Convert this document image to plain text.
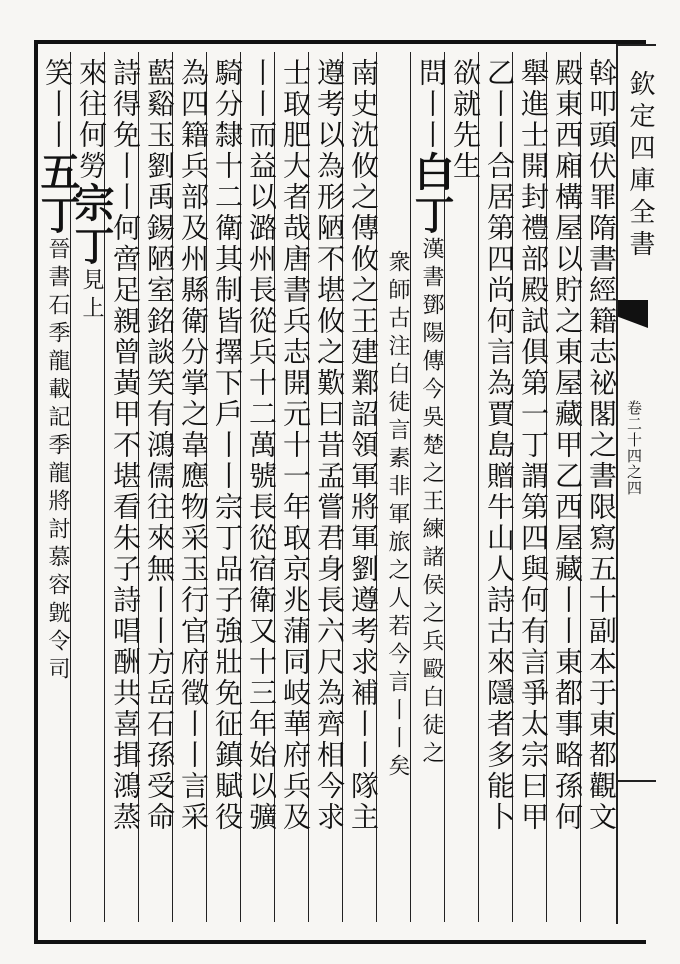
欽定四庫全書
卷二十四之四
斡叩頭伏罪隋書經籍志祕閣之書限寫五十副本于東都觀文
殿東西廂構屋以貯之東屋藏甲乙西屋藏丨丨東都事略孫何
舉進士開封禮部殿試俱第一丁謂第四與何有言爭太宗曰甲
乙丨丨合居第四尚何言為賈島贈牛山人詩古來隱者多能卜
欲就先生
問丨丨白丁漢書鄧陽傳今吳楚之王練諸侯之兵毆白徒之
衆師古注白徒言素非軍旅之人若今言丨丨矣
南史沈攸之傳攸之王建鄴詔領軍將軍劉遵考求補丨丨隊主
遵考以為形陋不堪攸之歎曰昔孟嘗君身長六尺為齊相今求
士取肥大者哉唐書兵志開元十一年取京兆蒲同岐華府兵及
丨丨而益以潞州長從兵十二萬號長從宿衛又十三年始以彍
騎分隸十二衛其制皆擇下戶丨丨宗丁品子強壯免征鎮賦役
為四籍兵部及州縣衛分掌之韋應物采玉行官府徵丨丨言采
藍谿玉劉禹錫陋室銘談笑有鴻儒往來無丨丨方岳石孫受命
詩得免丨丨何啻足親曾黃甲不堪看朱子詩唱酬共喜揖鴻蒸
來往何勞宗丁見上
笑丨丨五丁晉書石季龍載記季龍將討慕容皝令司
